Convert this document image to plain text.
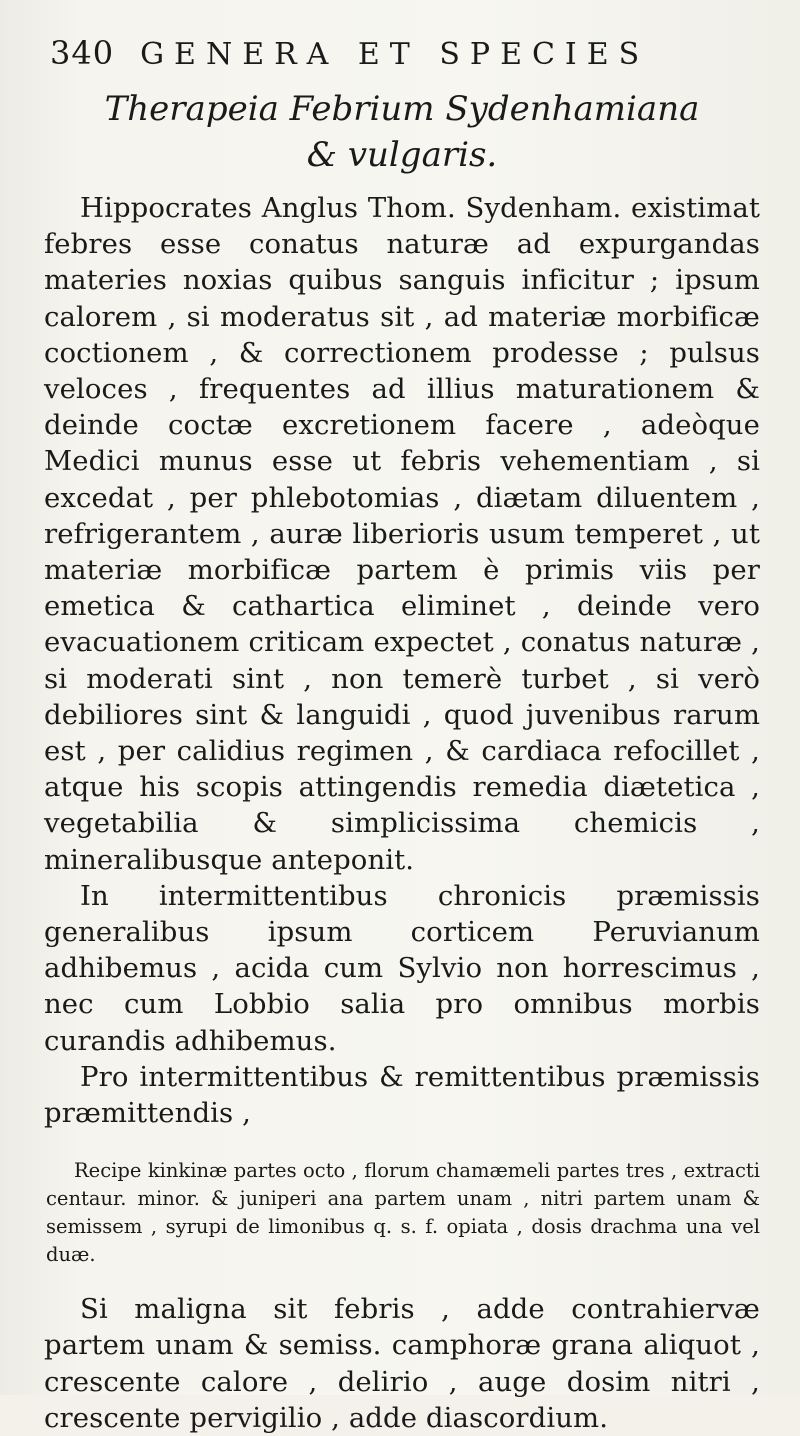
340 GENERA ET SPECIES
Therapeia Febrium Sydenhamiana
& vulgaris.

Hippocrates Anglus Thom. Sydenham. existimat febres esse conatus naturæ ad expurgandas materies noxias quibus sanguis inficitur ; ipsum calorem , si moderatus sit , ad materiæ morbificæ coctionem , & correctionem prodesse ; pulsus veloces , frequentes ad illius maturationem & deinde coctæ excretionem facere , adeòque Medici munus esse ut febris vehementiam , si excedat , per phlebotomias , diætam diluentem , refrigerantem , auræ liberioris usum temperet , ut materiæ morbificæ partem è primis viis per emetica & cathartica eliminet , deinde vero evacuationem criticam expectet , conatus naturæ , si moderati sint , non temerè turbet , si verò debiliores sint & languidi , quod juvenibus rarum est , per calidius regimen , & cardiaca refocillet , atque his scopis attingendis remedia diætetica , vegetabilia & simplicissima chemicis , mineralibusque anteponit.

In intermittentibus chronicis præmissis generalibus ipsum corticem Peruvianum adhibemus , acida cum Sylvio non horrescimus , nec cum Lobbio salia pro omnibus morbis curandis adhibemus.

Pro intermittentibus & remittentibus præmissis præmittendis ,

Recipe kinkinæ partes octo , florum chamæmeli partes tres , extracti centaur. minor. & juniperi ana partem unam , nitri partem unam & semissem , syrupi de limonibus q. s. f. opiata , dosis drachma una vel duæ.

Si maligna sit febris , adde contrahiervæ partem unam & semiss. camphoræ grana aliquot , crescente calore , delirio , auge dosim nitri , crescente pervigilio , adde diascordium.
